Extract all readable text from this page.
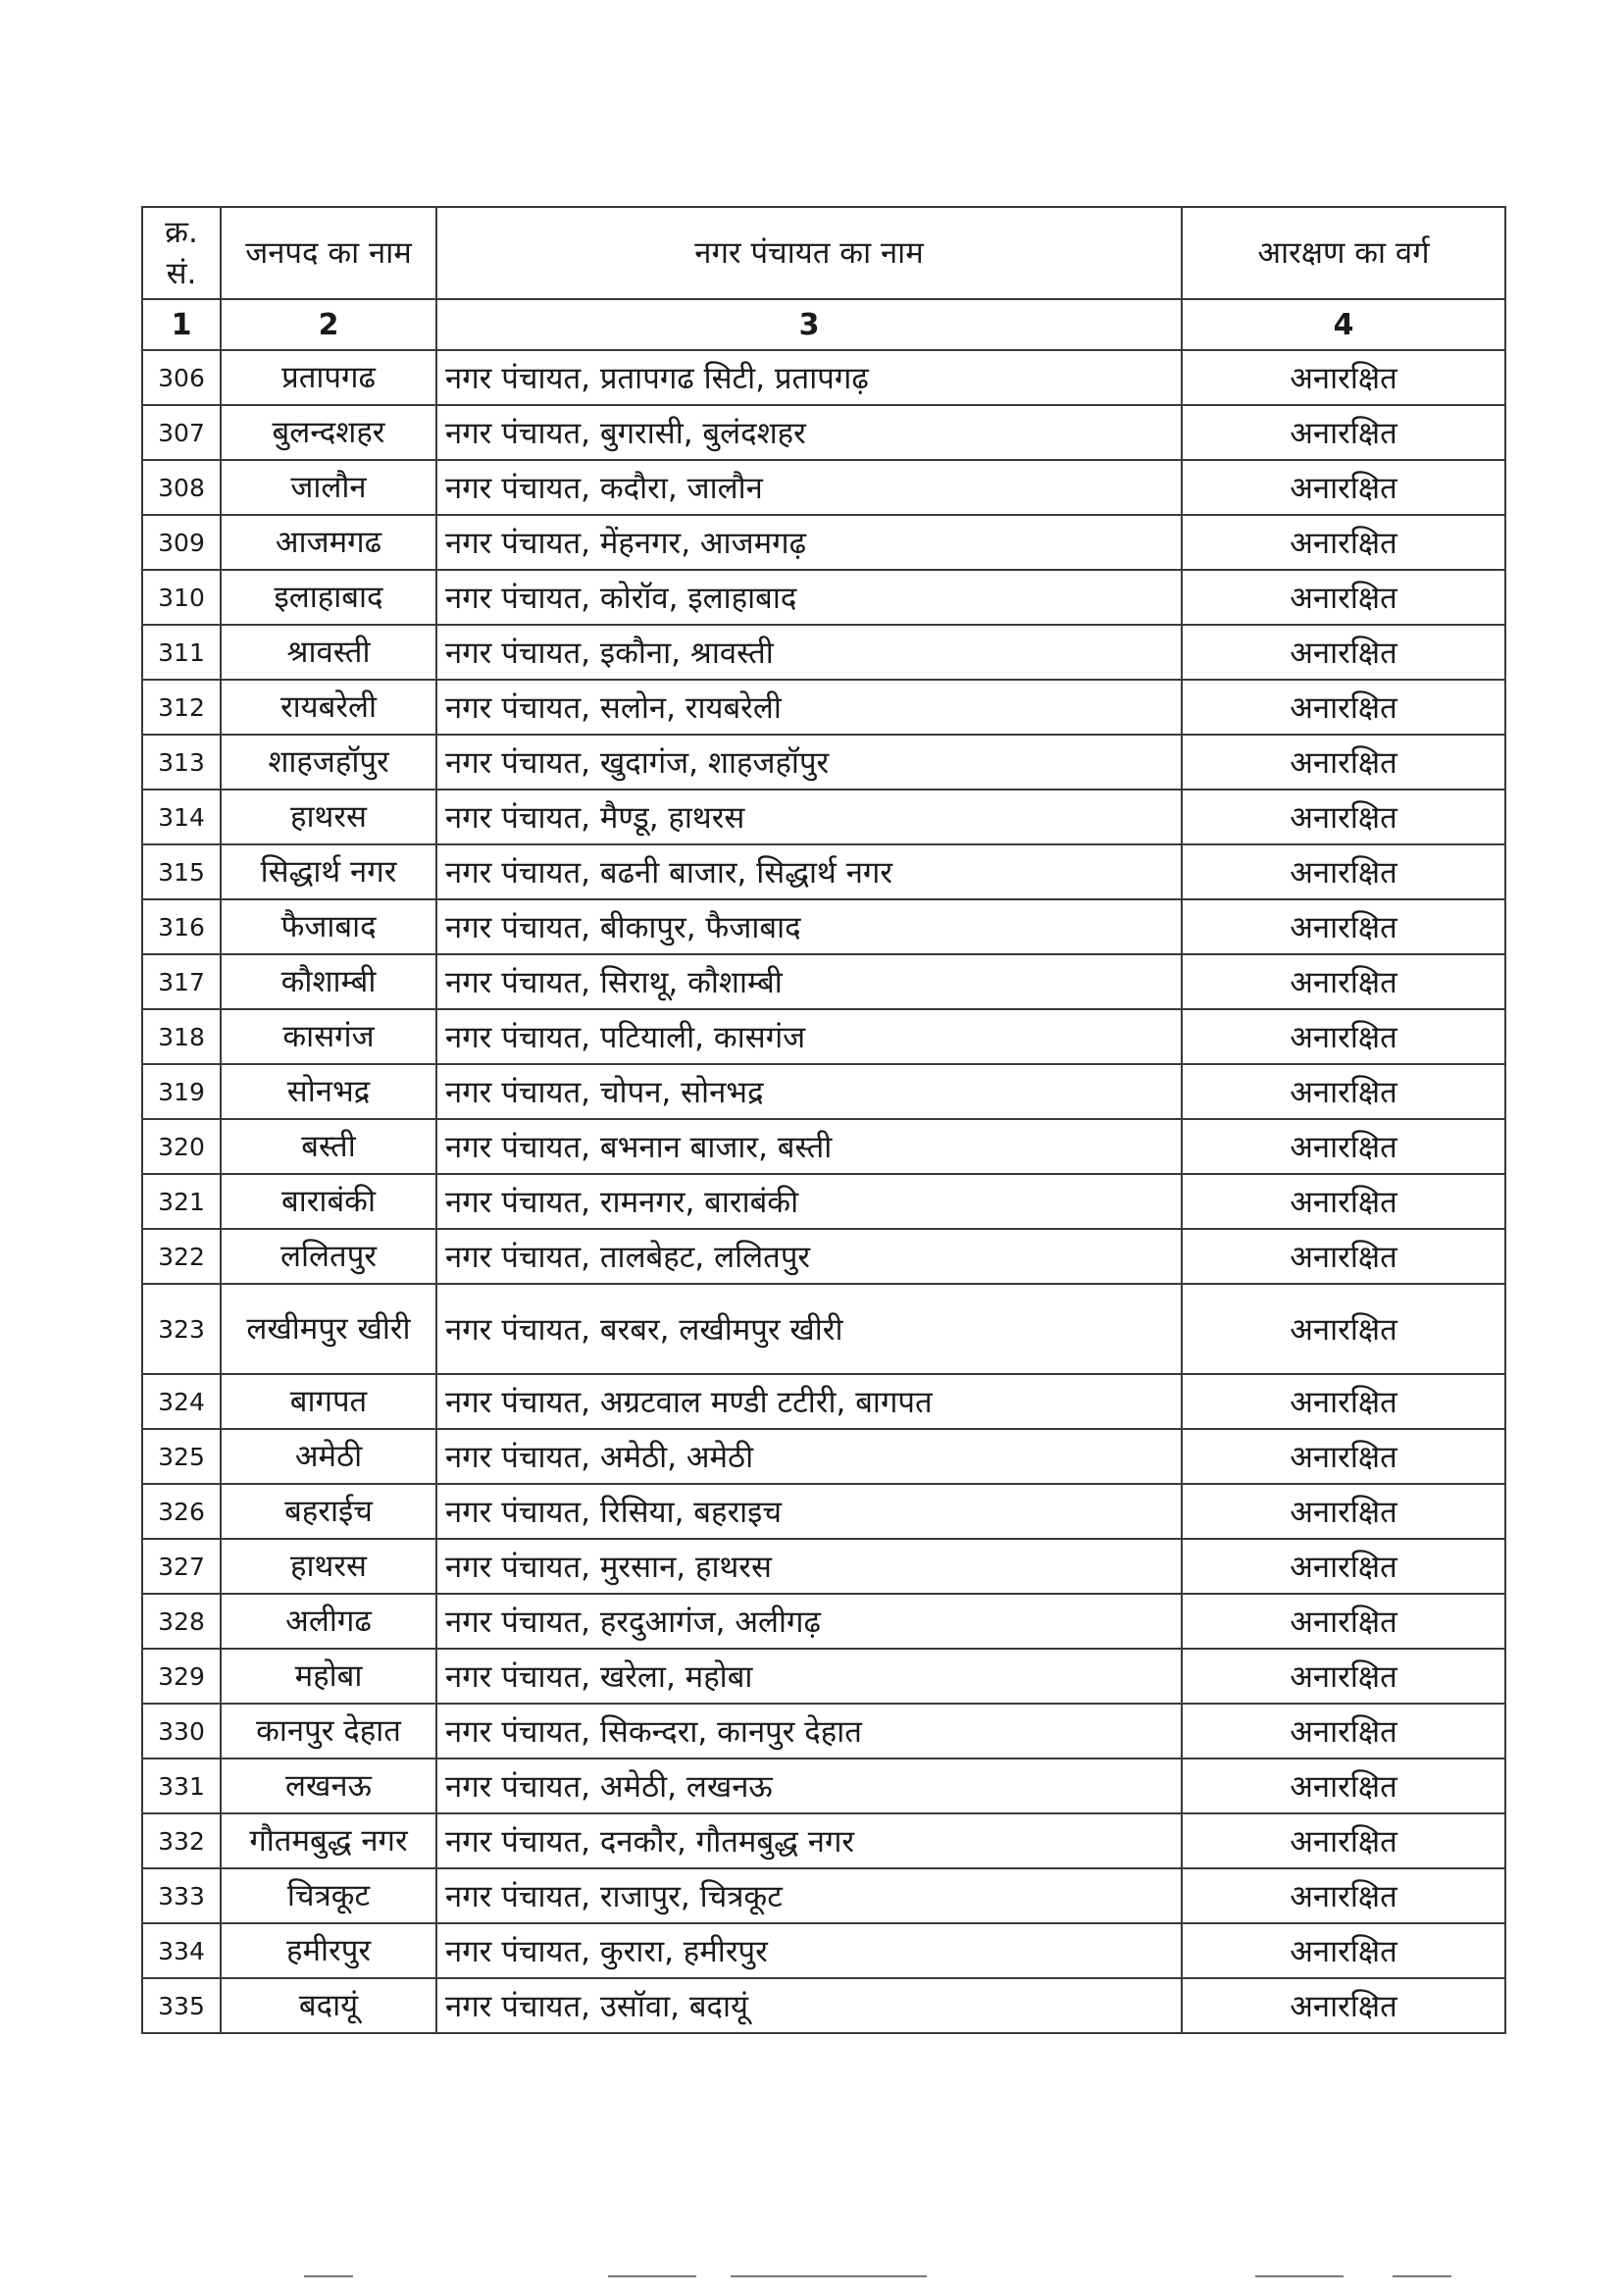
क्र. सं.	जनपद का नाम	नगर पंचायत का नाम	आरक्षण का वर्ग
1	2	3	4
306	प्रतापगढ	नगर पंचायत, प्रतापगढ सिटी, प्रतापगढ़	अनारक्षित
307	बुलन्दशहर	नगर पंचायत, बुगरासी, बुलंदशहर	अनारक्षित
308	जालौन	नगर पंचायत, कदौरा, जालौन	अनारक्षित
309	आजमगढ	नगर पंचायत, मेंहनगर, आजमगढ़	अनारक्षित
310	इलाहाबाद	नगर पंचायत, कोरॉव, इलाहाबाद	अनारक्षित
311	श्रावस्ती	नगर पंचायत, इकौना, श्रावस्ती	अनारक्षित
312	रायबरेली	नगर पंचायत, सलोन, रायबरेली	अनारक्षित
313	शाहजहॉपुर	नगर पंचायत, खुदागंज, शाहजहॉपुर	अनारक्षित
314	हाथरस	नगर पंचायत, मैण्डू, हाथरस	अनारक्षित
315	सिद्धार्थ नगर	नगर पंचायत, बढनी बाजार, सिद्धार्थ नगर	अनारक्षित
316	फैजाबाद	नगर पंचायत, बीकापुर, फैजाबाद	अनारक्षित
317	कौशाम्बी	नगर पंचायत, सिराथू, कौशाम्बी	अनारक्षित
318	कासगंज	नगर पंचायत, पटियाली, कासगंज	अनारक्षित
319	सोनभद्र	नगर पंचायत, चोपन, सोनभद्र	अनारक्षित
320	बस्ती	नगर पंचायत, बभनान बाजार, बस्ती	अनारक्षित
321	बाराबंकी	नगर पंचायत, रामनगर, बाराबंकी	अनारक्षित
322	ललितपुर	नगर पंचायत, तालबेहट, ललितपुर	अनारक्षित
323	लखीमपुर खीरी	नगर पंचायत, बरबर, लखीमपुर खीरी	अनारक्षित
324	बागपत	नगर पंचायत, अग्रटवाल मण्डी टटीरी, बागपत	अनारक्षित
325	अमेठी	नगर पंचायत, अमेठी, अमेठी	अनारक्षित
326	बहराईच	नगर पंचायत, रिसिया, बहराइच	अनारक्षित
327	हाथरस	नगर पंचायत, मुरसान, हाथरस	अनारक्षित
328	अलीगढ	नगर पंचायत, हरदुआगंज, अलीगढ़	अनारक्षित
329	महोबा	नगर पंचायत, खरेला, महोबा	अनारक्षित
330	कानपुर देहात	नगर पंचायत, सिकन्दरा, कानपुर देहात	अनारक्षित
331	लखनऊ	नगर पंचायत, अमेठी, लखनऊ	अनारक्षित
332	गौतमबुद्ध नगर	नगर पंचायत, दनकौर, गौतमबुद्ध नगर	अनारक्षित
333	चित्रकूट	नगर पंचायत, राजापुर, चित्रकूट	अनारक्षित
334	हमीरपुर	नगर पंचायत, कुरारा, हमीरपुर	अनारक्षित
335	बदायूं	नगर पंचायत, उसॉवा, बदायूं	अनारक्षित
